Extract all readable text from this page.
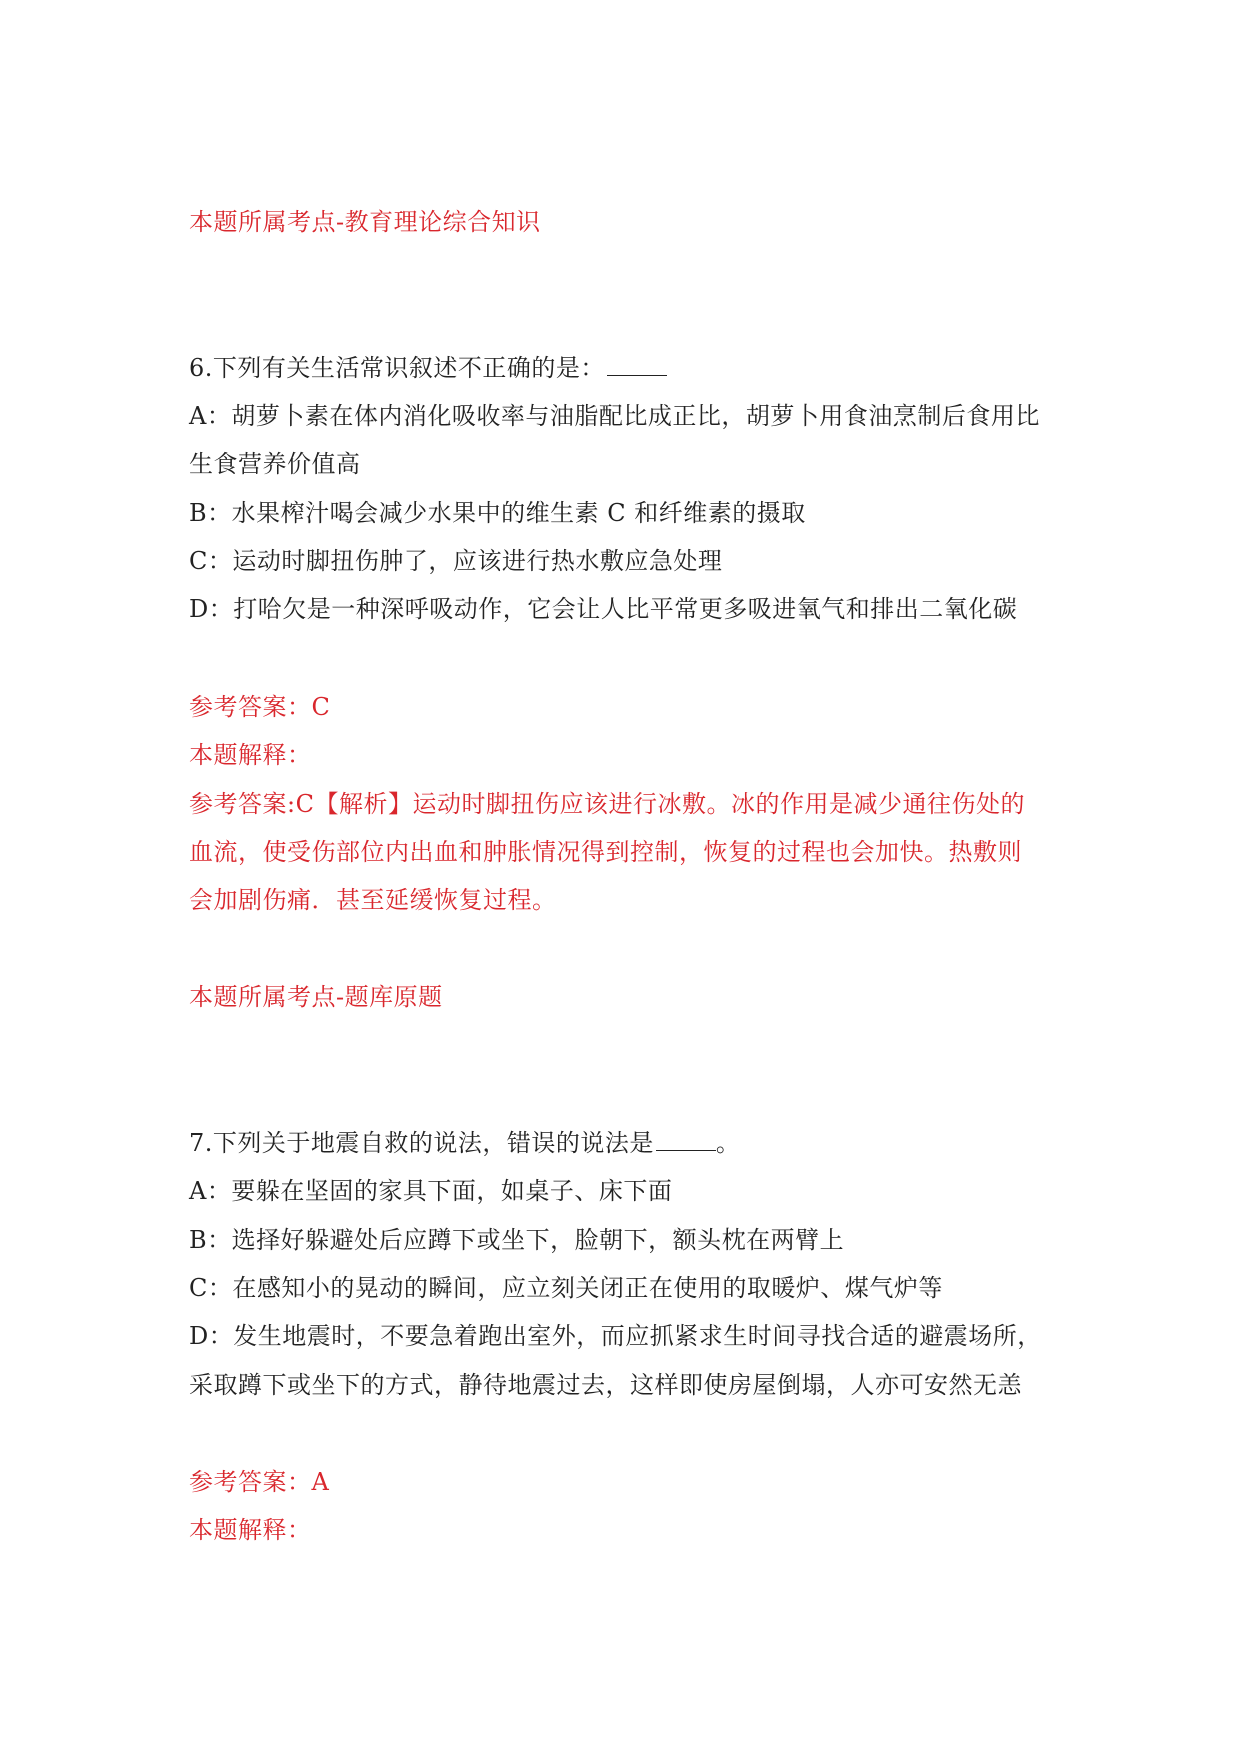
本题所属考点-教育理论综合知识
6.下列有关生活常识叙述不正确的是：
A：胡萝卜素在体内消化吸收率与油脂配比成正比，胡萝卜用食油烹制后食用比
生食营养价值高
B：水果榨汁喝会减少水果中的维生素 C 和纤维素的摄取
C：运动时脚扭伤肿了，应该进行热水敷应急处理
D：打哈欠是一种深呼吸动作，它会让人比平常更多吸进氧气和排出二氧化碳
参考答案：C
本题解释：
参考答案:C【解析】运动时脚扭伤应该进行冰敷。冰的作用是减少通往伤处的
血流，使受伤部位内出血和肿胀情况得到控制，恢复的过程也会加快。热敷则
会加剧伤痛．甚至延缓恢复过程。
本题所属考点-题库原题
7.下列关于地震自救的说法，错误的说法是	。
A：要躲在坚固的家具下面，如桌子、床下面
B：选择好躲避处后应蹲下或坐下，脸朝下，额头枕在两臂上
C：在感知小的晃动的瞬间，应立刻关闭正在使用的取暖炉、煤气炉等
D：发生地震时，不要急着跑出室外，而应抓紧求生时间寻找合适的避震场所，
采取蹲下或坐下的方式，静待地震过去，这样即使房屋倒塌，人亦可安然无恙
参考答案：A
本题解释：
